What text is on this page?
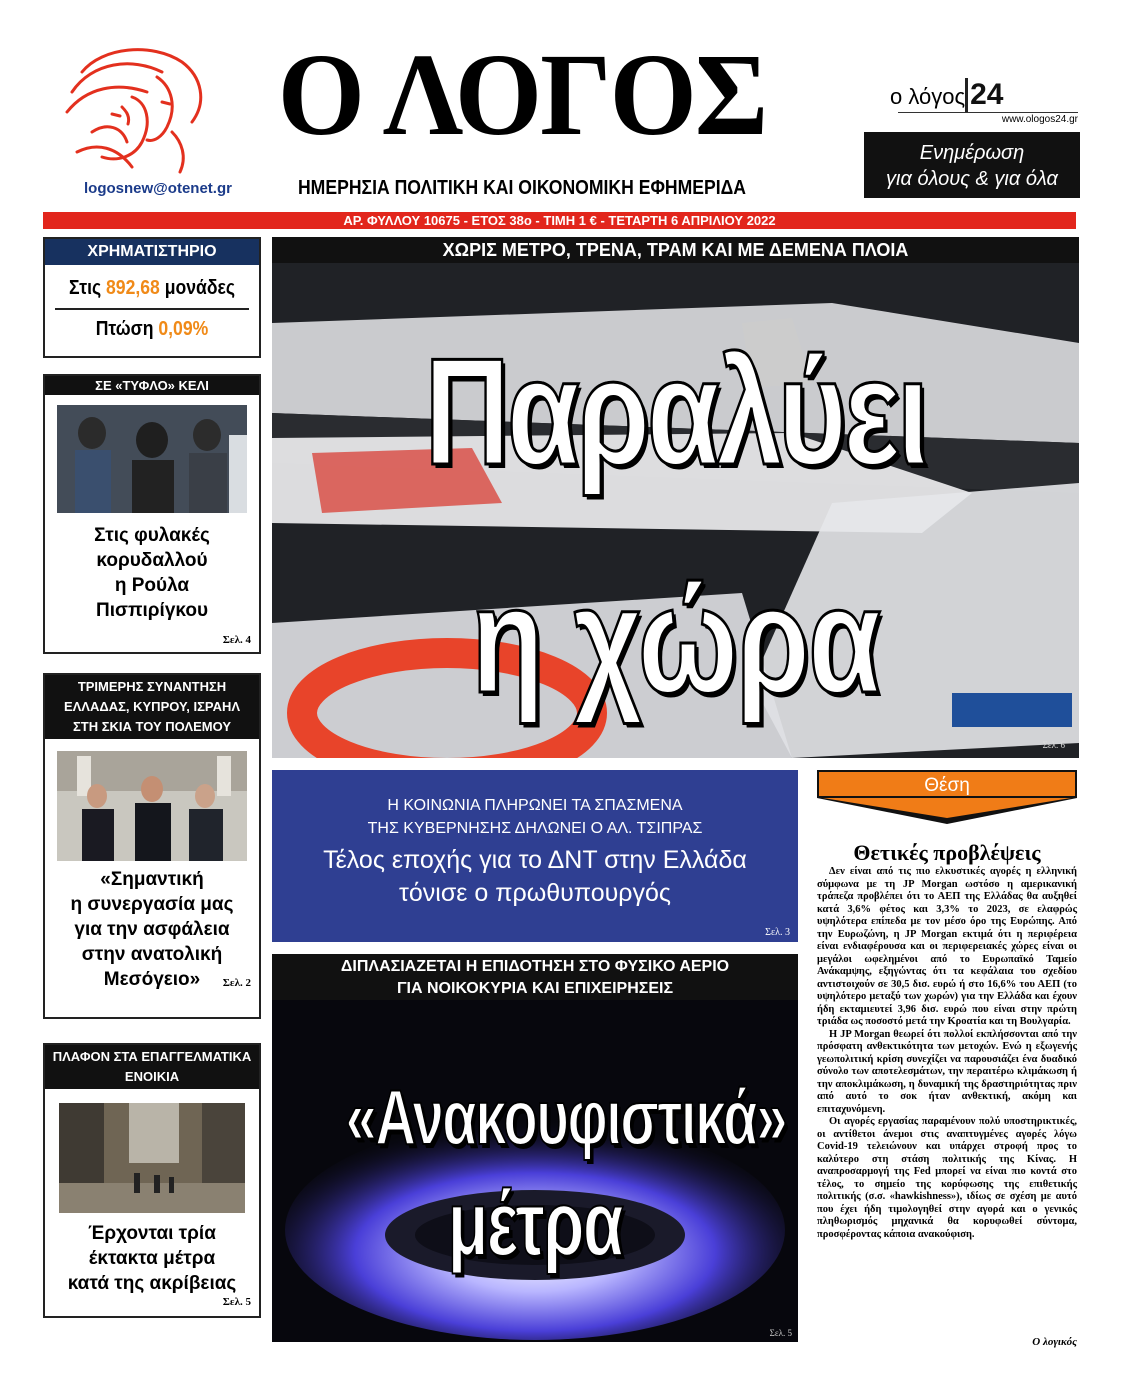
logosnew@otenet.gr
Ο ΛΟΓΟΣ
ΗΜΕΡΗΣΙΑ ΠΟΛΙΤΙΚΗ ΚΑΙ ΟΙΚΟΝΟΜΙΚΗ ΕΦΗΜΕΡΙΔΑ
ο λόγος 24
www.ologos24.gr
Ενημέρωση
για όλους & για όλα
ΑΡ. ΦΥΛΛΟΥ 10675 - ΕΤΟΣ 38ο - ΤΙΜΗ 1 € - ΤΕΤΑΡΤΗ 6 ΑΠΡΙΛΙΟΥ 2022
ΧΡΗΜΑΤΙΣΤΗΡΙΟ
Στις 892,68 μονάδες
Πτώση 0,09%
ΣΕ «ΤΥΦΛΟ» ΚΕΛΙ
Στις φυλακές
κορυδαλλού
η Ρούλα
Πισπιρίγκου
Σελ. 4
ΤΡΙΜΕΡΗΣ ΣΥΝΑΝΤΗΣΗ
ΕΛΛΑΔΑΣ, ΚΥΠΡΟΥ, ΙΣΡΑΗΛ
ΣΤΗ ΣΚΙΑ ΤΟΥ ΠΟΛΕΜΟΥ
«Σημαντική
η συνεργασία μας
για την ασφάλεια
στην ανατολική
Μεσόγειο»	Σελ. 2
ΠΛΑΦΟΝ ΣΤΑ ΕΠΑΓΓΕΛΜΑΤΙΚΑ
ΕΝΟΙΚΙΑ
Έρχονται τρία
έκτακτα μέτρα
κατά της ακρίβειας
Σελ. 5
ΧΩΡΙΣ ΜΕΤΡΟ, ΤΡΕΝΑ, ΤΡΑΜ ΚΑΙ ΜΕ ΔΕΜΕΝΑ ΠΛΟΙΑ
Παραλύει
η χώρα
Σελ. 6
Η ΚΟΙΝΩΝΙΑ ΠΛΗΡΩΝΕΙ ΤΑ ΣΠΑΣΜΕΝΑ
ΤΗΣ ΚΥΒΕΡΝΗΣΗΣ ΔΗΛΩΝΕΙ Ο ΑΛ. ΤΣΙΠΡΑΣ
Τέλος εποχής για το ΔΝΤ στην Ελλάδα
τόνισε ο πρωθυπουργός
Σελ. 3
ΔΙΠΛΑΣΙΑΖΕΤΑΙ Η ΕΠΙΔΟΤΗΣΗ ΣΤΟ ΦΥΣΙΚΟ ΑΕΡΙΟ
ΓΙΑ ΝΟΙΚΟΚΥΡΙΑ ΚΑΙ ΕΠΙΧΕΙΡΗΣΕΙΣ
«Ανακουφιστικά»
μέτρα
Σελ. 5
Θέση
Θετικές προβλέψεις

Δεν είναι από τις πιο ελκυστικές αγορές η ελληνική σύμφωνα με τη JP Morgan ωστόσο η αμερικανική τράπεζα προβλέπει ότι το ΑΕΠ της Ελλάδας θα αυξηθεί κατά 3,6% φέτος και 3,3% το 2023, σε ελαφρώς υψηλότερα επίπεδα με τον μέσο όρο της Ευρώπης. Από την Ευρωζώνη, η JP Morgan εκτιμά ότι η περιφέρεια είναι ενδιαφέρουσα και οι περιφερειακές χώρες είναι οι μεγάλοι ωφελημένοι από το Ευρωπαϊκό Ταμείο Ανάκαμψης, εξηγώντας ότι τα κεφάλαια του σχεδίου αντιστοιχούν σε 30,5 δισ. ευρώ ή στο 16,6% του ΑΕΠ (το υψηλότερο μεταξύ των χωρών) για την Ελλάδα και έχουν ήδη εκταμιευτεί 3,96 δισ. ευρώ που είναι στην πρώτη τριάδα ως ποσοστό μετά την Κροατία και τη Βουλγαρία.

Η JP Morgan θεωρεί ότι πολλοί εκπλήσσονται από την πρόσφατη ανθεκτικότητα των μετοχών. Ενώ η εξωγενής γεωπολιτική κρίση συνεχίζει να παρουσιάζει ένα δυαδικό σύνολο των αποτελεσμάτων, την περαιτέρω κλιμάκωση ή την αποκλιμάκωση, η δυναμική της δραστηριότητας πριν από αυτό το σοκ ήταν ανθεκτική, ακόμη και επιταχυνόμενη.

Οι αγορές εργασίας παραμένουν πολύ υποστηρικτικές, οι αντίθετοι άνεμοι στις αναπτυγμένες αγορές λόγω Covid-19 τελειώνουν και υπάρχει στροφή προς το καλύτερο στη στάση πολιτικής της Κίνας. Η αναπροσαρμογή της Fed μπορεί να είναι πιο κοντά στο τέλος, το σημείο της κορύφωσης της επιθετικής πολιτικής (σ.σ. «hawkishness»), ιδίως σε σχέση με αυτό που έχει ήδη τιμολογηθεί στην αγορά και ο γενικός πληθωρισμός μηχανικά θα κορυφωθεί σύντομα, προσφέροντας κάποια ανακούφιση.

Ο λογικός
